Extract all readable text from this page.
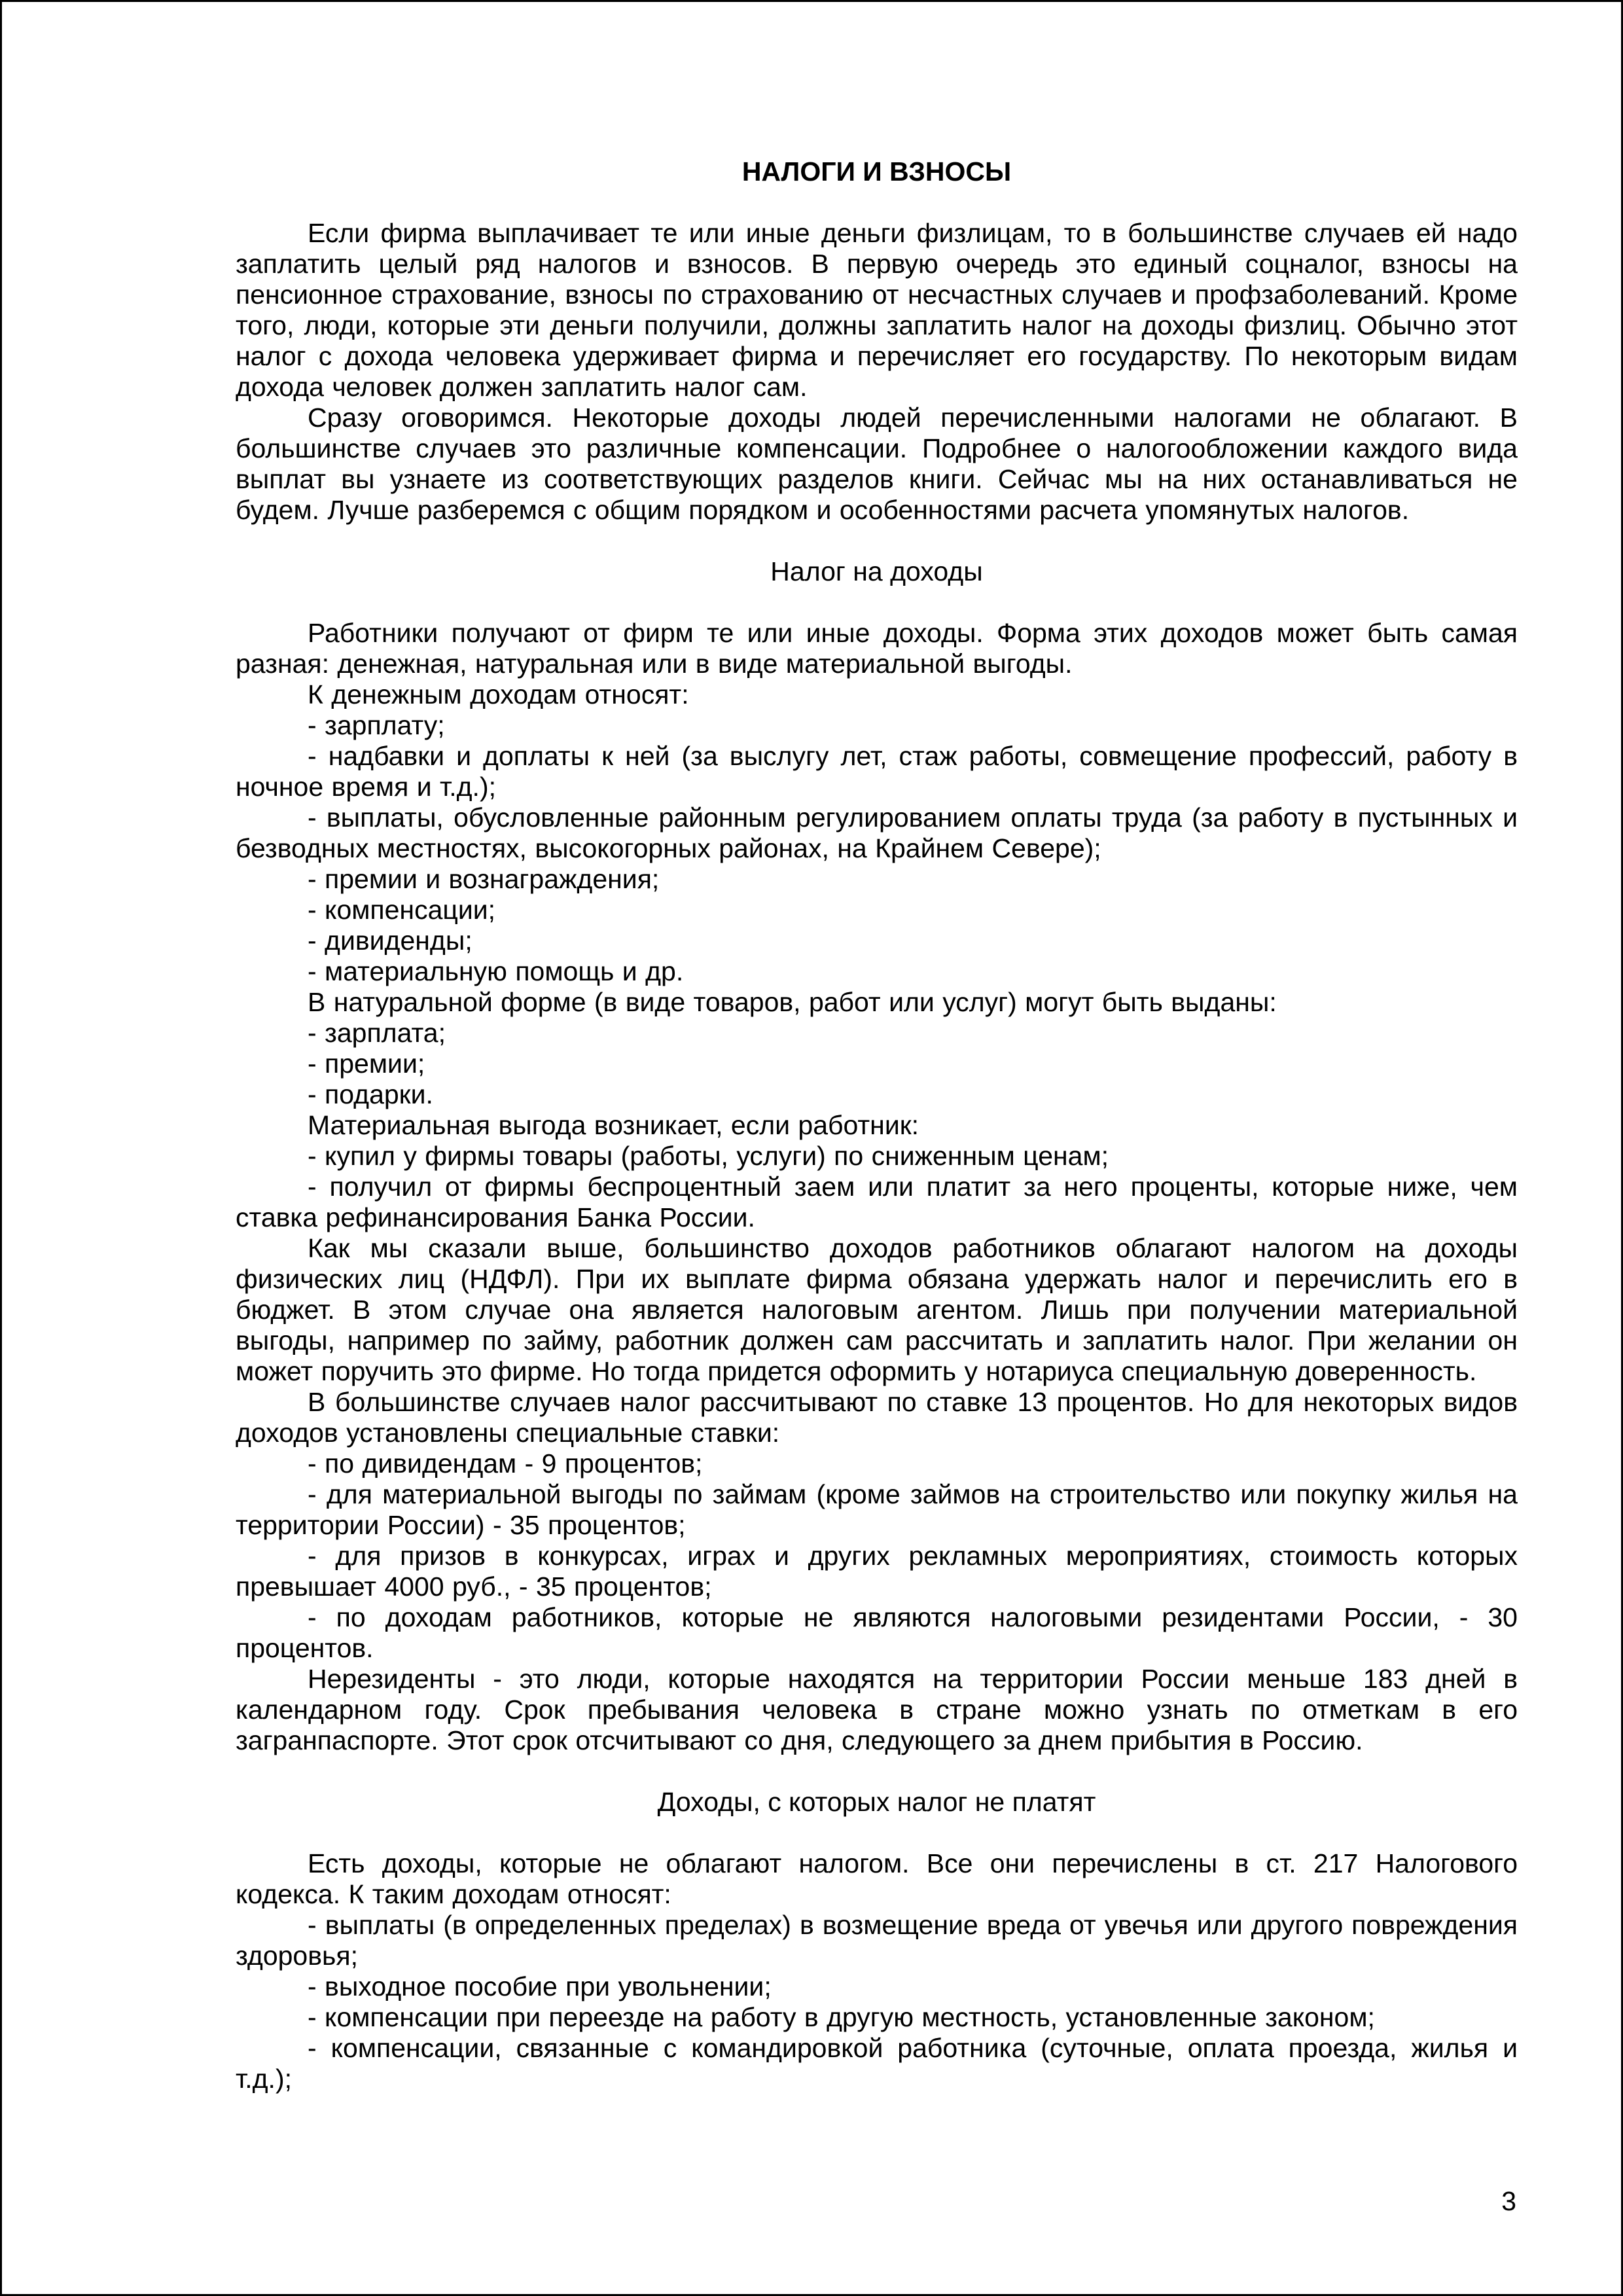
НАЛОГИ И ВЗНОСЫ

Если фирма выплачивает те или иные деньги физлицам, то в большинстве случаев ей надо заплатить целый ряд налогов и взносов. В первую очередь это единый соцналог, взносы на пенсионное страхование, взносы по страхованию от несчастных случаев и профзаболеваний. Кроме того, люди, которые эти деньги получили, должны заплатить налог на доходы физлиц. Обычно этот налог с дохода человека удерживает фирма и перечисляет его государству. По некоторым видам дохода человек должен заплатить налог сам.

Сразу оговоримся. Некоторые доходы людей перечисленными налогами не облагают. В большинстве случаев это различные компенсации. Подробнее о налогообложении каждого вида выплат вы узнаете из соответствующих разделов книги. Сейчас мы на них останавливаться не будем. Лучше разберемся с общим порядком и особенностями расчета упомянутых налогов.

Налог на доходы

Работники получают от фирм те или иные доходы. Форма этих доходов может быть самая разная: денежная, натуральная или в виде материальной выгоды.

К денежным доходам относят:

- зарплату;

- надбавки и доплаты к ней (за выслугу лет, стаж работы, совмещение профессий, работу в ночное время и т.д.);

- выплаты, обусловленные районным регулированием оплаты труда (за работу в пустынных и безводных местностях, высокогорных районах, на Крайнем Севере);

- премии и вознаграждения;

- компенсации;

- дивиденды;

- материальную помощь и др.

В натуральной форме (в виде товаров, работ или услуг) могут быть выданы:

- зарплата;

- премии;

- подарки.

Материальная выгода возникает, если работник:

- купил у фирмы товары (работы, услуги) по сниженным ценам;

- получил от фирмы беспроцентный заем или платит за него проценты, которые ниже, чем ставка рефинансирования Банка России.

Как мы сказали выше, большинство доходов работников облагают налогом на доходы физических лиц (НДФЛ). При их выплате фирма обязана удержать налог и перечислить его в бюджет. В этом случае она является налоговым агентом. Лишь при получении материальной выгоды, например по займу, работник должен сам рассчитать и заплатить налог. При желании он может поручить это фирме. Но тогда придется оформить у нотариуса специальную доверенность.

В большинстве случаев налог рассчитывают по ставке 13 процентов. Но для некоторых видов доходов установлены специальные ставки:

- по дивидендам - 9 процентов;

- для материальной выгоды по займам (кроме займов на строительство или покупку жилья на территории России) - 35 процентов;

- для призов в конкурсах, играх и других рекламных мероприятиях, стоимость которых превышает 4000 руб., - 35 процентов;

- по доходам работников, которые не являются налоговыми резидентами России, - 30 процентов.

Нерезиденты - это люди, которые находятся на территории России меньше 183 дней в календарном году. Срок пребывания человека в стране можно узнать по отметкам в его загранпаспорте. Этот срок отсчитывают со дня, следующего за днем прибытия в Россию.

Доходы, с которых налог не платят

Есть доходы, которые не облагают налогом. Все они перечислены в ст. 217 Налогового кодекса. К таким доходам относят:

- выплаты (в определенных пределах) в возмещение вреда от увечья или другого повреждения здоровья;

- выходное пособие при увольнении;

- компенсации при переезде на работу в другую местность, установленные законом;

- компенсации, связанные с командировкой работника (суточные, оплата проезда, жилья и т.д.);

3
